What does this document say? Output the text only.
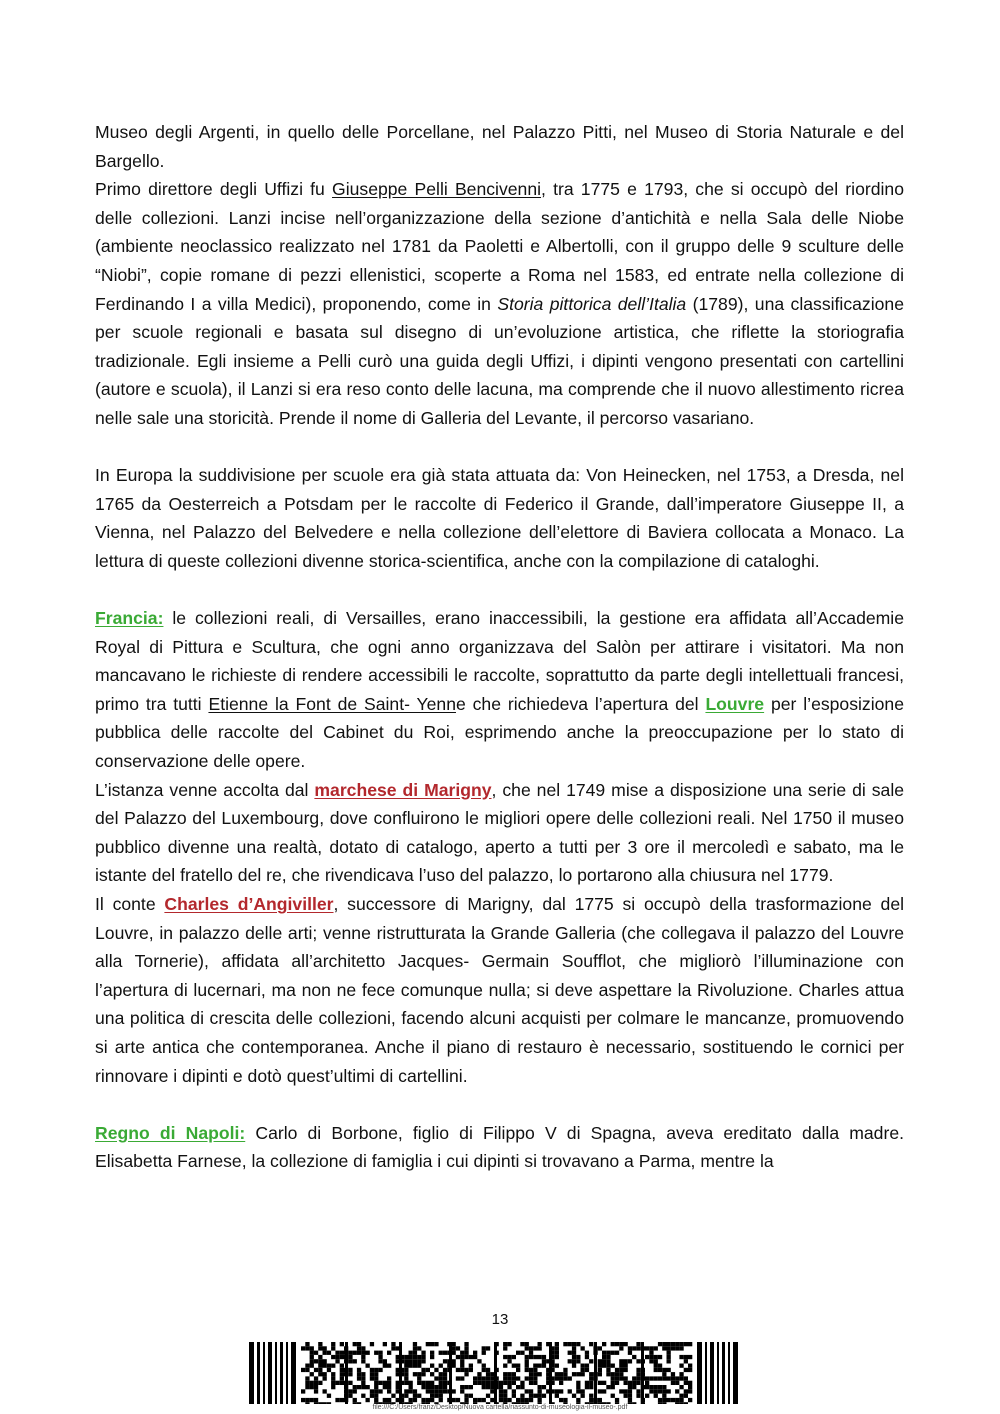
Museo degli Argenti, in quello delle Porcellane, nel Palazzo Pitti, nel Museo di Storia Naturale e del Bargello.

Primo direttore degli Uffizi fu Giuseppe Pelli Bencivenni, tra 1775 e 1793, che si occupò del riordino delle collezioni. Lanzi incise nell’organizzazione della sezione d’antichità e nella Sala delle Niobe (ambiente neoclassico realizzato nel 1781 da Paoletti e Albertolli, con il gruppo delle 9 sculture delle “Niobi”, copie romane di pezzi ellenistici, scoperte a Roma nel 1583, ed entrate nella collezione di Ferdinando I a villa Medici), proponendo, come in Storia pittorica dell’Italia (1789), una classificazione per scuole regionali e basata sul disegno di un’evoluzione artistica, che riflette la storiografia tradizionale. Egli insieme a Pelli curò una guida degli Uffizi, i dipinti vengono presentati con cartellini (autore e scuola), il Lanzi si era reso conto delle lacuna, ma comprende che il nuovo allestimento ricrea nelle sale una storicità. Prende il nome di Galleria del Levante, il percorso vasariano.

In Europa la suddivisione per scuole era già stata attuata da: Von Heinecken, nel 1753, a Dresda, nel 1765 da Oesterreich a Potsdam per le raccolte di Federico il Grande, dall’imperatore Giuseppe II, a Vienna, nel Palazzo del Belvedere e nella collezione dell’elettore di Baviera collocata a Monaco. La lettura di queste collezioni divenne storica-scientifica, anche con la compilazione di cataloghi.

Francia: le collezioni reali, di Versailles, erano inaccessibili, la gestione era affidata all’Accademie Royal di Pittura e Scultura, che ogni anno organizzava del Salòn per attirare i visitatori. Ma non mancavano le richieste di rendere accessibili le raccolte, soprattutto da parte degli intellettuali francesi, primo tra tutti Etienne la Font de Saint- Yenne che richiedeva l’apertura del Louvre per l’esposizione pubblica delle raccolte del Cabinet du Roi, esprimendo anche la preoccupazione per lo stato di conservazione delle opere.

L’istanza venne accolta dal marchese di Marigny, che nel 1749 mise a disposizione una serie di sale del Palazzo del Luxembourg, dove confluirono le migliori opere delle collezioni reali. Nel 1750 il museo pubblico divenne una realtà, dotato di catalogo, aperto a tutti per 3 ore il mercoledì e sabato, ma le istante del fratello del re, che rivendicava l’uso del palazzo, lo portarono alla chiusura nel 1779.

Il conte Charles d’Angiviller, successore di Marigny, dal 1775 si occupò della trasformazione del Louvre, in palazzo delle arti; venne ristrutturata la Grande Galleria (che collegava il palazzo del Louvre alla Tornerie), affidata all’architetto Jacques- Germain Soufflot, che migliorò l’illuminazione con l’apertura di lucernari, ma non ne fece comunque nulla; si deve aspettare la Rivoluzione. Charles attua una politica di crescita delle collezioni, facendo alcuni acquisti per colmare le mancanze, promuovendo si arte antica che contemporanea. Anche il piano di restauro è necessario, sostituendo le cornici per rinnovare i dipinti e dotò quest’ultimi di cartellini.

Regno di Napoli: Carlo di Borbone, figlio di Filippo V di Spagna, aveva ereditato dalla madre. Elisabetta Farnese, la collezione di famiglia i cui dipinti si trovavano a Parma, mentre la

13
file:///C:/Users/franz/Desktop/Nuova cartella/riassunto-di-museologia-il-museo-.pdf
